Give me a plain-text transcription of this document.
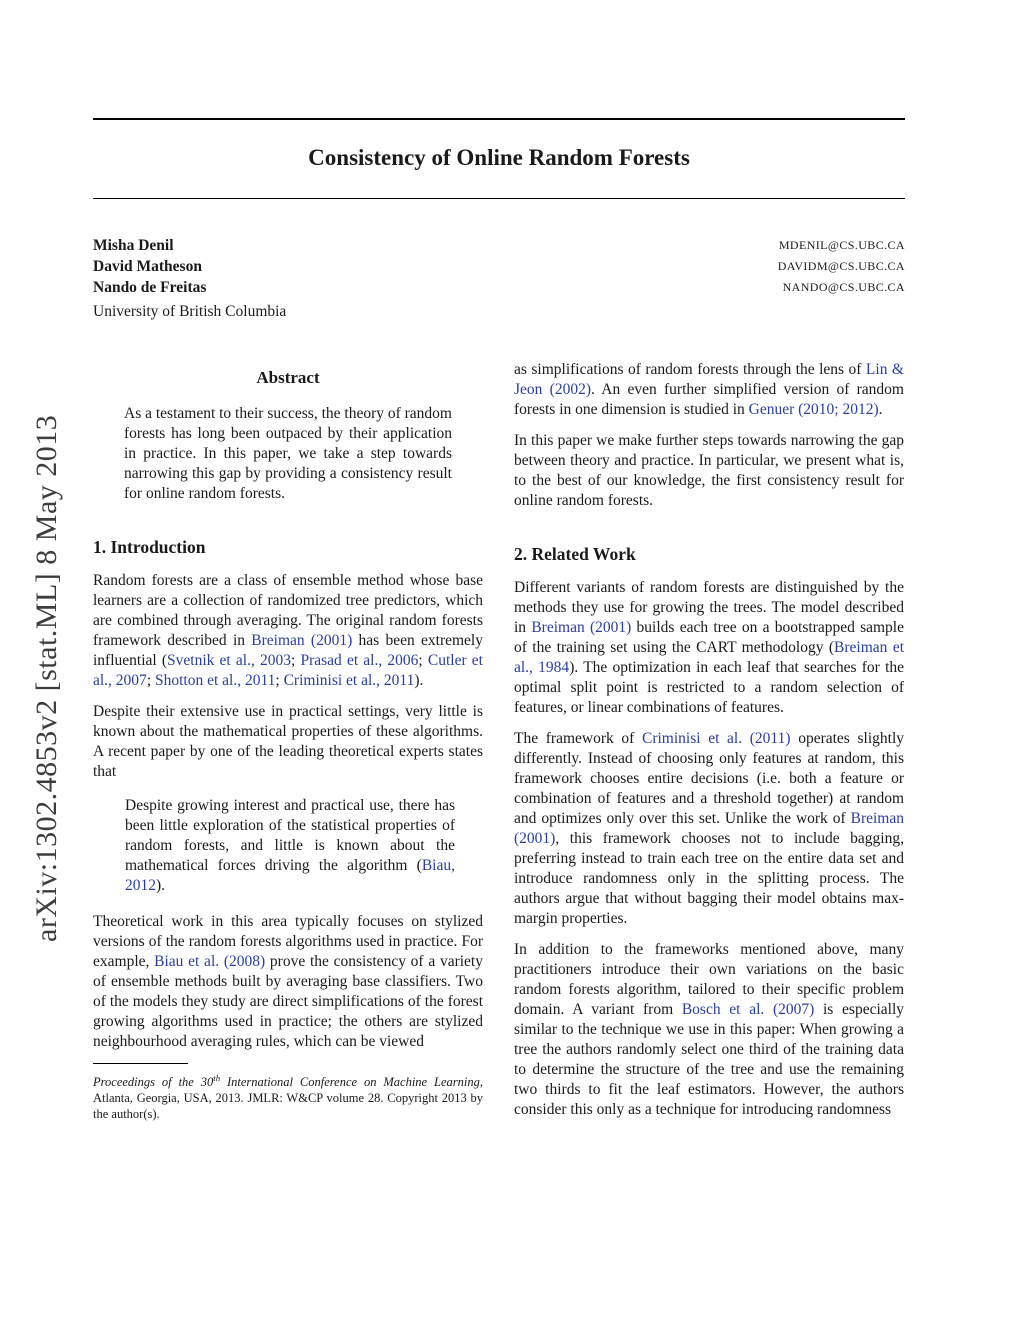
arXiv:1302.4853v2 [stat.ML] 8 May 2013
Consistency of Online Random Forests
Misha Denil
David Matheson
Nando de Freitas
University of British Columbia
MDENIL@CS.UBC.CA
DAVIDM@CS.UBC.CA
NANDO@CS.UBC.CA
Abstract

As a testament to their success, the theory of random forests has long been outpaced by their application in practice. In this paper, we take a step towards narrowing this gap by providing a consistency result for online random forests.

1. Introduction

Random forests are a class of ensemble method whose base learners are a collection of randomized tree predictors, which are combined through averaging. The original random forests framework described in Breiman (2001) has been extremely influential (Svetnik et al., 2003; Prasad et al., 2006; Cutler et al., 2007; Shotton et al., 2011; Criminisi et al., 2011).

Despite their extensive use in practical settings, very little is known about the mathematical properties of these algorithms. A recent paper by one of the leading theoretical experts states that

Despite growing interest and practical use, there has been little exploration of the statistical properties of random forests, and little is known about the mathematical forces driving the algorithm (Biau, 2012).

Theoretical work in this area typically focuses on stylized versions of the random forests algorithms used in practice. For example, Biau et al. (2008) prove the consistency of a variety of ensemble methods built by averaging base classifiers. Two of the models they study are direct simplifications of the forest growing algorithms used in practice; the others are stylized neighbourhood averaging rules, which can be viewed

Proceedings of the 30th International Conference on Machine Learning, Atlanta, Georgia, USA, 2013. JMLR: W&CP volume 28. Copyright 2013 by the author(s).

as simplifications of random forests through the lens of Lin & Jeon (2002). An even further simplified version of random forests in one dimension is studied in Genuer (2010; 2012).

In this paper we make further steps towards narrowing the gap between theory and practice. In particular, we present what is, to the best of our knowledge, the first consistency result for online random forests.

2. Related Work

Different variants of random forests are distinguished by the methods they use for growing the trees. The model described in Breiman (2001) builds each tree on a bootstrapped sample of the training set using the CART methodology (Breiman et al., 1984). The optimization in each leaf that searches for the optimal split point is restricted to a random selection of features, or linear combinations of features.

The framework of Criminisi et al. (2011) operates slightly differently. Instead of choosing only features at random, this framework chooses entire decisions (i.e. both a feature or combination of features and a threshold together) at random and optimizes only over this set. Unlike the work of Breiman (2001), this framework chooses not to include bagging, preferring instead to train each tree on the entire data set and introduce randomness only in the splitting process. The authors argue that without bagging their model obtains max-margin properties.

In addition to the frameworks mentioned above, many practitioners introduce their own variations on the basic random forests algorithm, tailored to their specific problem domain. A variant from Bosch et al. (2007) is especially similar to the technique we use in this paper: When growing a tree the authors randomly select one third of the training data to determine the structure of the tree and use the remaining two thirds to fit the leaf estimators. However, the authors consider this only as a technique for introducing randomness
